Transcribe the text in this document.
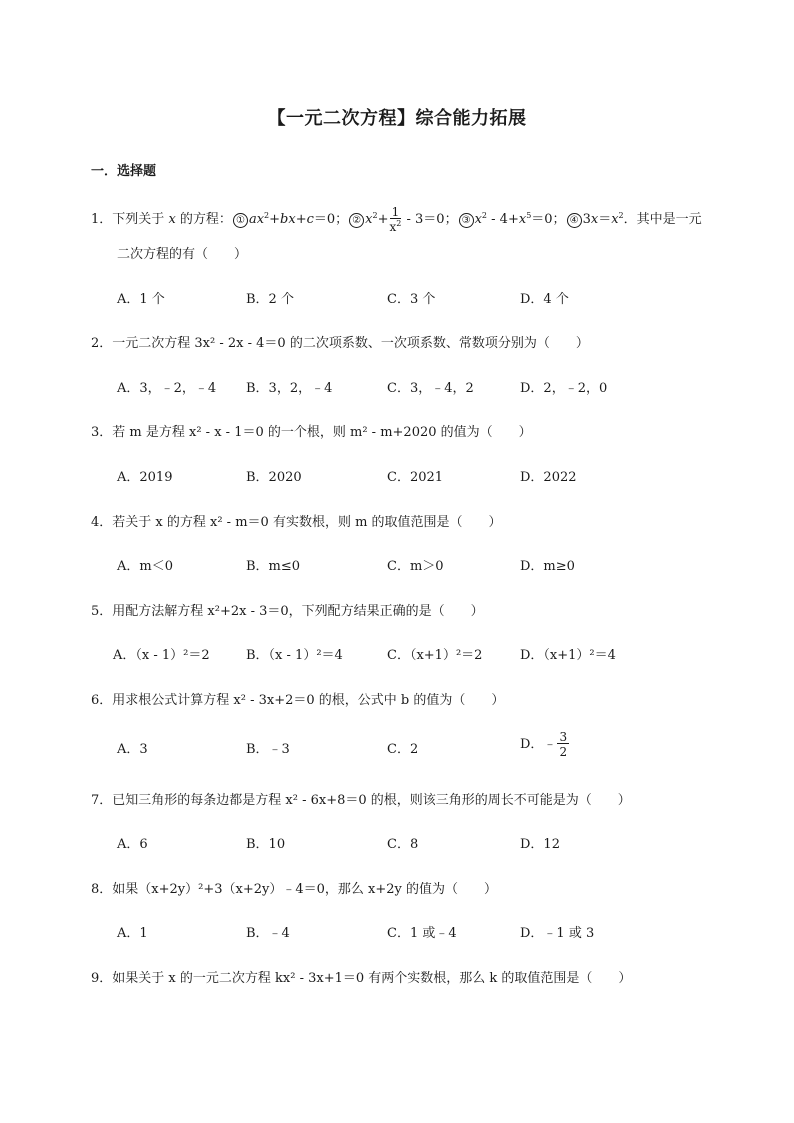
【一元二次方程】综合能力拓展
一．选择题
1．下列关于 x 的方程： ① $ax^2+bx+c=0$； ② $x^2+ \frac{1}{x^2} - 3=0$； ③ $x^2 - 4+x^5=0$； ④ $3x=x^2$．其中是一元
二次方程的有（　　）
A．1 个	B．2 个	C．3 个	D．4 个
2．一元二次方程 3x² - 2x - 4＝0 的二次项系数、一次项系数、常数项分别为（　　）
A．3，﹣2，﹣4 B．3，2，﹣4	C．3，﹣4，2	D．2，﹣2，0
3．若 m 是方程 x² - x - 1＝0 的一个根，则 m² - m+2020 的值为（　　）
A．2019	B．2020	C．2021	D．2022
4．若关于 x 的方程 x² - m＝0 有实数根，则 m 的取值范围是（　　）
A．m＜0	B．m≤0	C．m＞0	D．m≥0
5．用配方法解方程 x²+2x - 3＝0，下列配方结果正确的是（　　）
A．（x - 1）²＝2	B．（x - 1）²＝4	C．（x+1）²＝2	D．（x+1）²＝4
6．用求根公式计算方程 x² - 3x+2＝0 的根，公式中 b 的值为（　　）
A．3	B．﹣3	C．2	D．﹣ $\frac{3}{2}$
7．已知三角形的每条边都是方程 x² - 6x+8＝0 的根，则该三角形的周长不可能是为（　　）
A．6	B．10	C．8	D．12
8．如果（x+2y）²+3（x+2y）﹣4＝0，那么 x+2y 的值为（　　）
A．1	B．﹣4	C．1 或﹣4	D．﹣1 或 3
9．如果关于 x 的一元二次方程 kx² - 3x+1＝0 有两个实数根，那么 k 的取值范围是（　　）
